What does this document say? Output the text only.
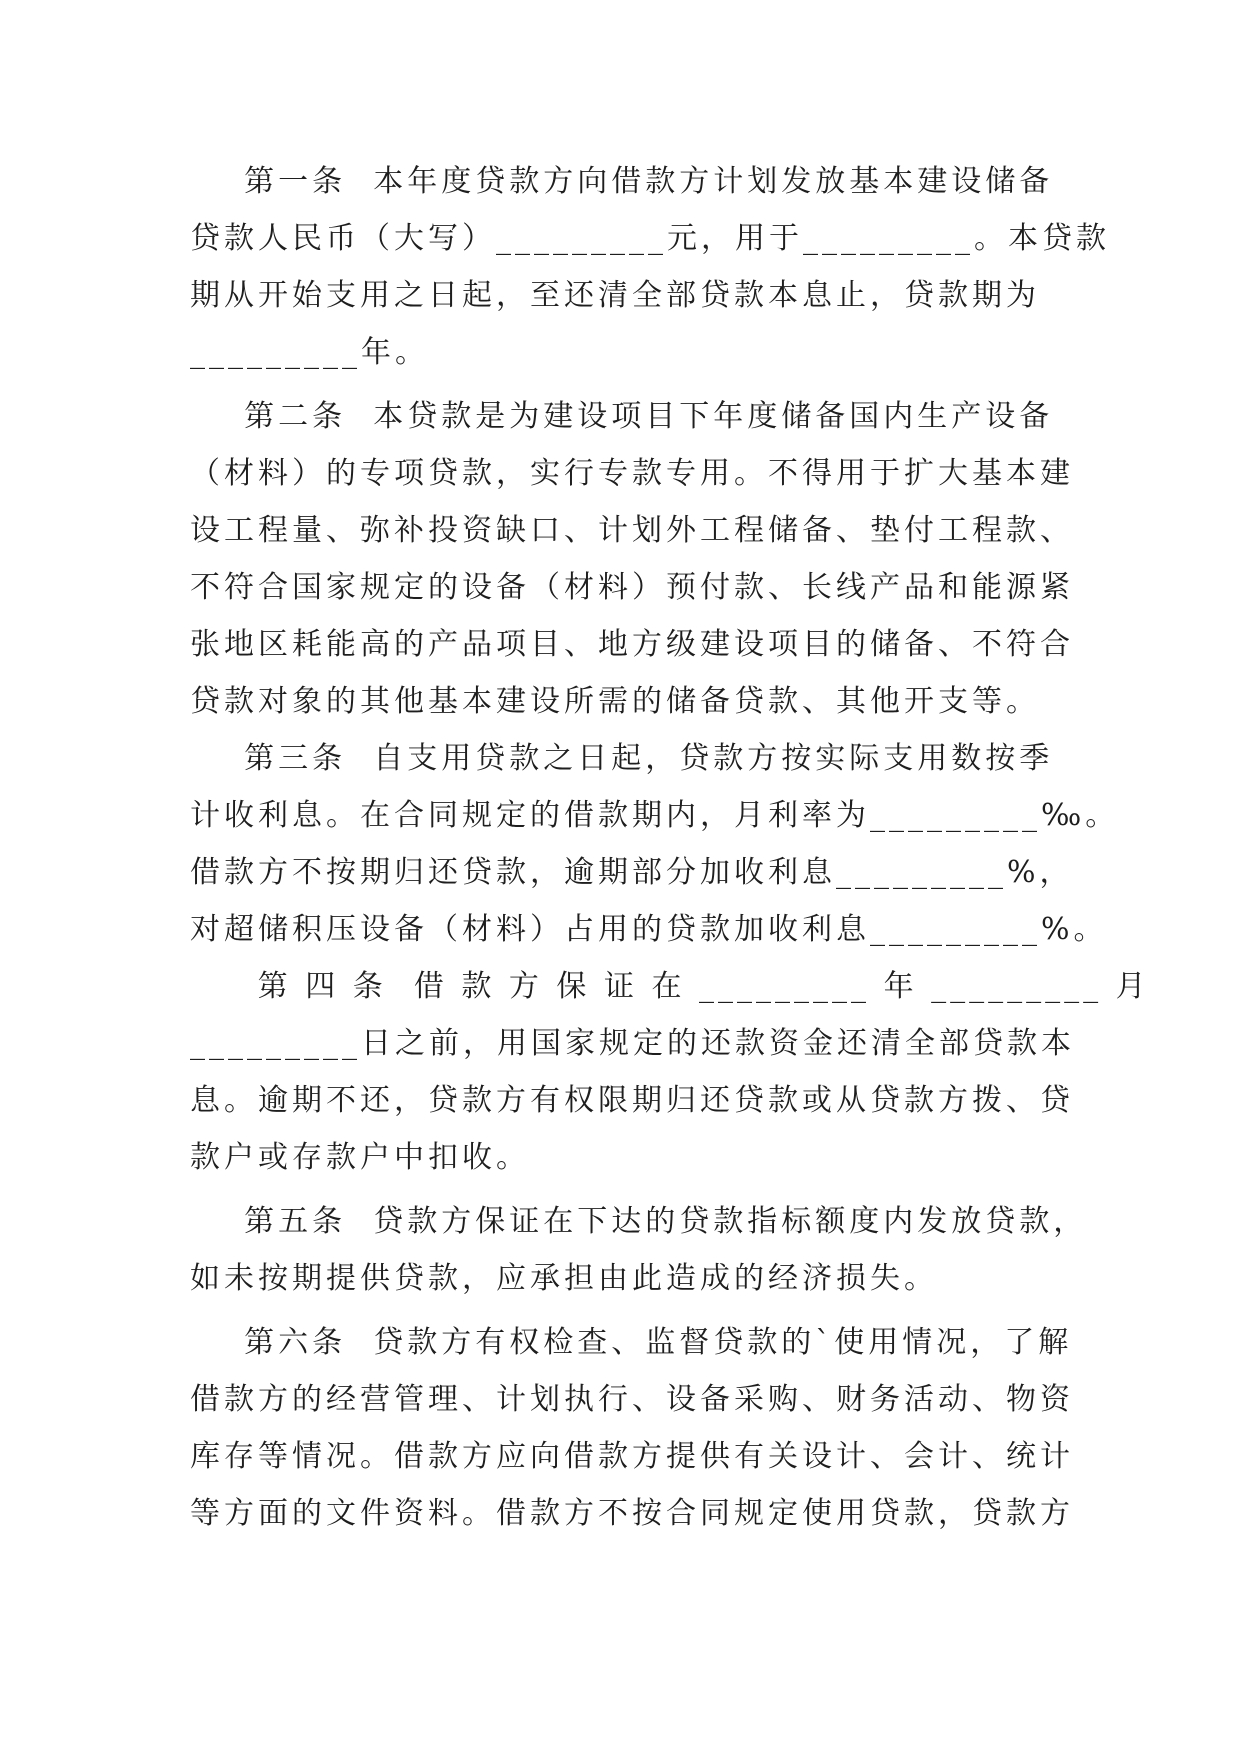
第一条  本年度贷款方向借款方计划发放基本建设储备
贷款人民币（大写）_________元，用于_________。本贷款
期从开始支用之日起，至还清全部贷款本息止，贷款期为
_________年。
第二条  本贷款是为建设项目下年度储备国内生产设备
（材料）的专项贷款，实行专款专用。不得用于扩大基本建
设工程量、弥补投资缺口、计划外工程储备、垫付工程款、
不符合国家规定的设备（材料）预付款、长线产品和能源紧
张地区耗能高的产品项目、地方级建设项目的储备、不符合
贷款对象的其他基本建设所需的储备贷款、其他开支等。
第三条  自支用贷款之日起，贷款方按实际支用数按季
计收利息。在合同规定的借款期内，月利率为_________‰。
借款方不按期归还贷款，逾期部分加收利息_________%，
对超储积压设备（材料）占用的贷款加收利息_________%。
第 四 条  借 款 方 保 证 在 _________ 年 _________ 月
_________日之前，用国家规定的还款资金还清全部贷款本
息。逾期不还，贷款方有权限期归还贷款或从贷款方拨、贷
款户或存款户中扣收。
第五条  贷款方保证在下达的贷款指标额度内发放贷款，
如未按期提供贷款，应承担由此造成的经济损失。
第六条  贷款方有权检查、监督贷款的`使用情况，了解
借款方的经营管理、计划执行、设备采购、财务活动、物资
库存等情况。借款方应向借款方提供有关设计、会计、统计
等方面的文件资料。借款方不按合同规定使用贷款，贷款方
